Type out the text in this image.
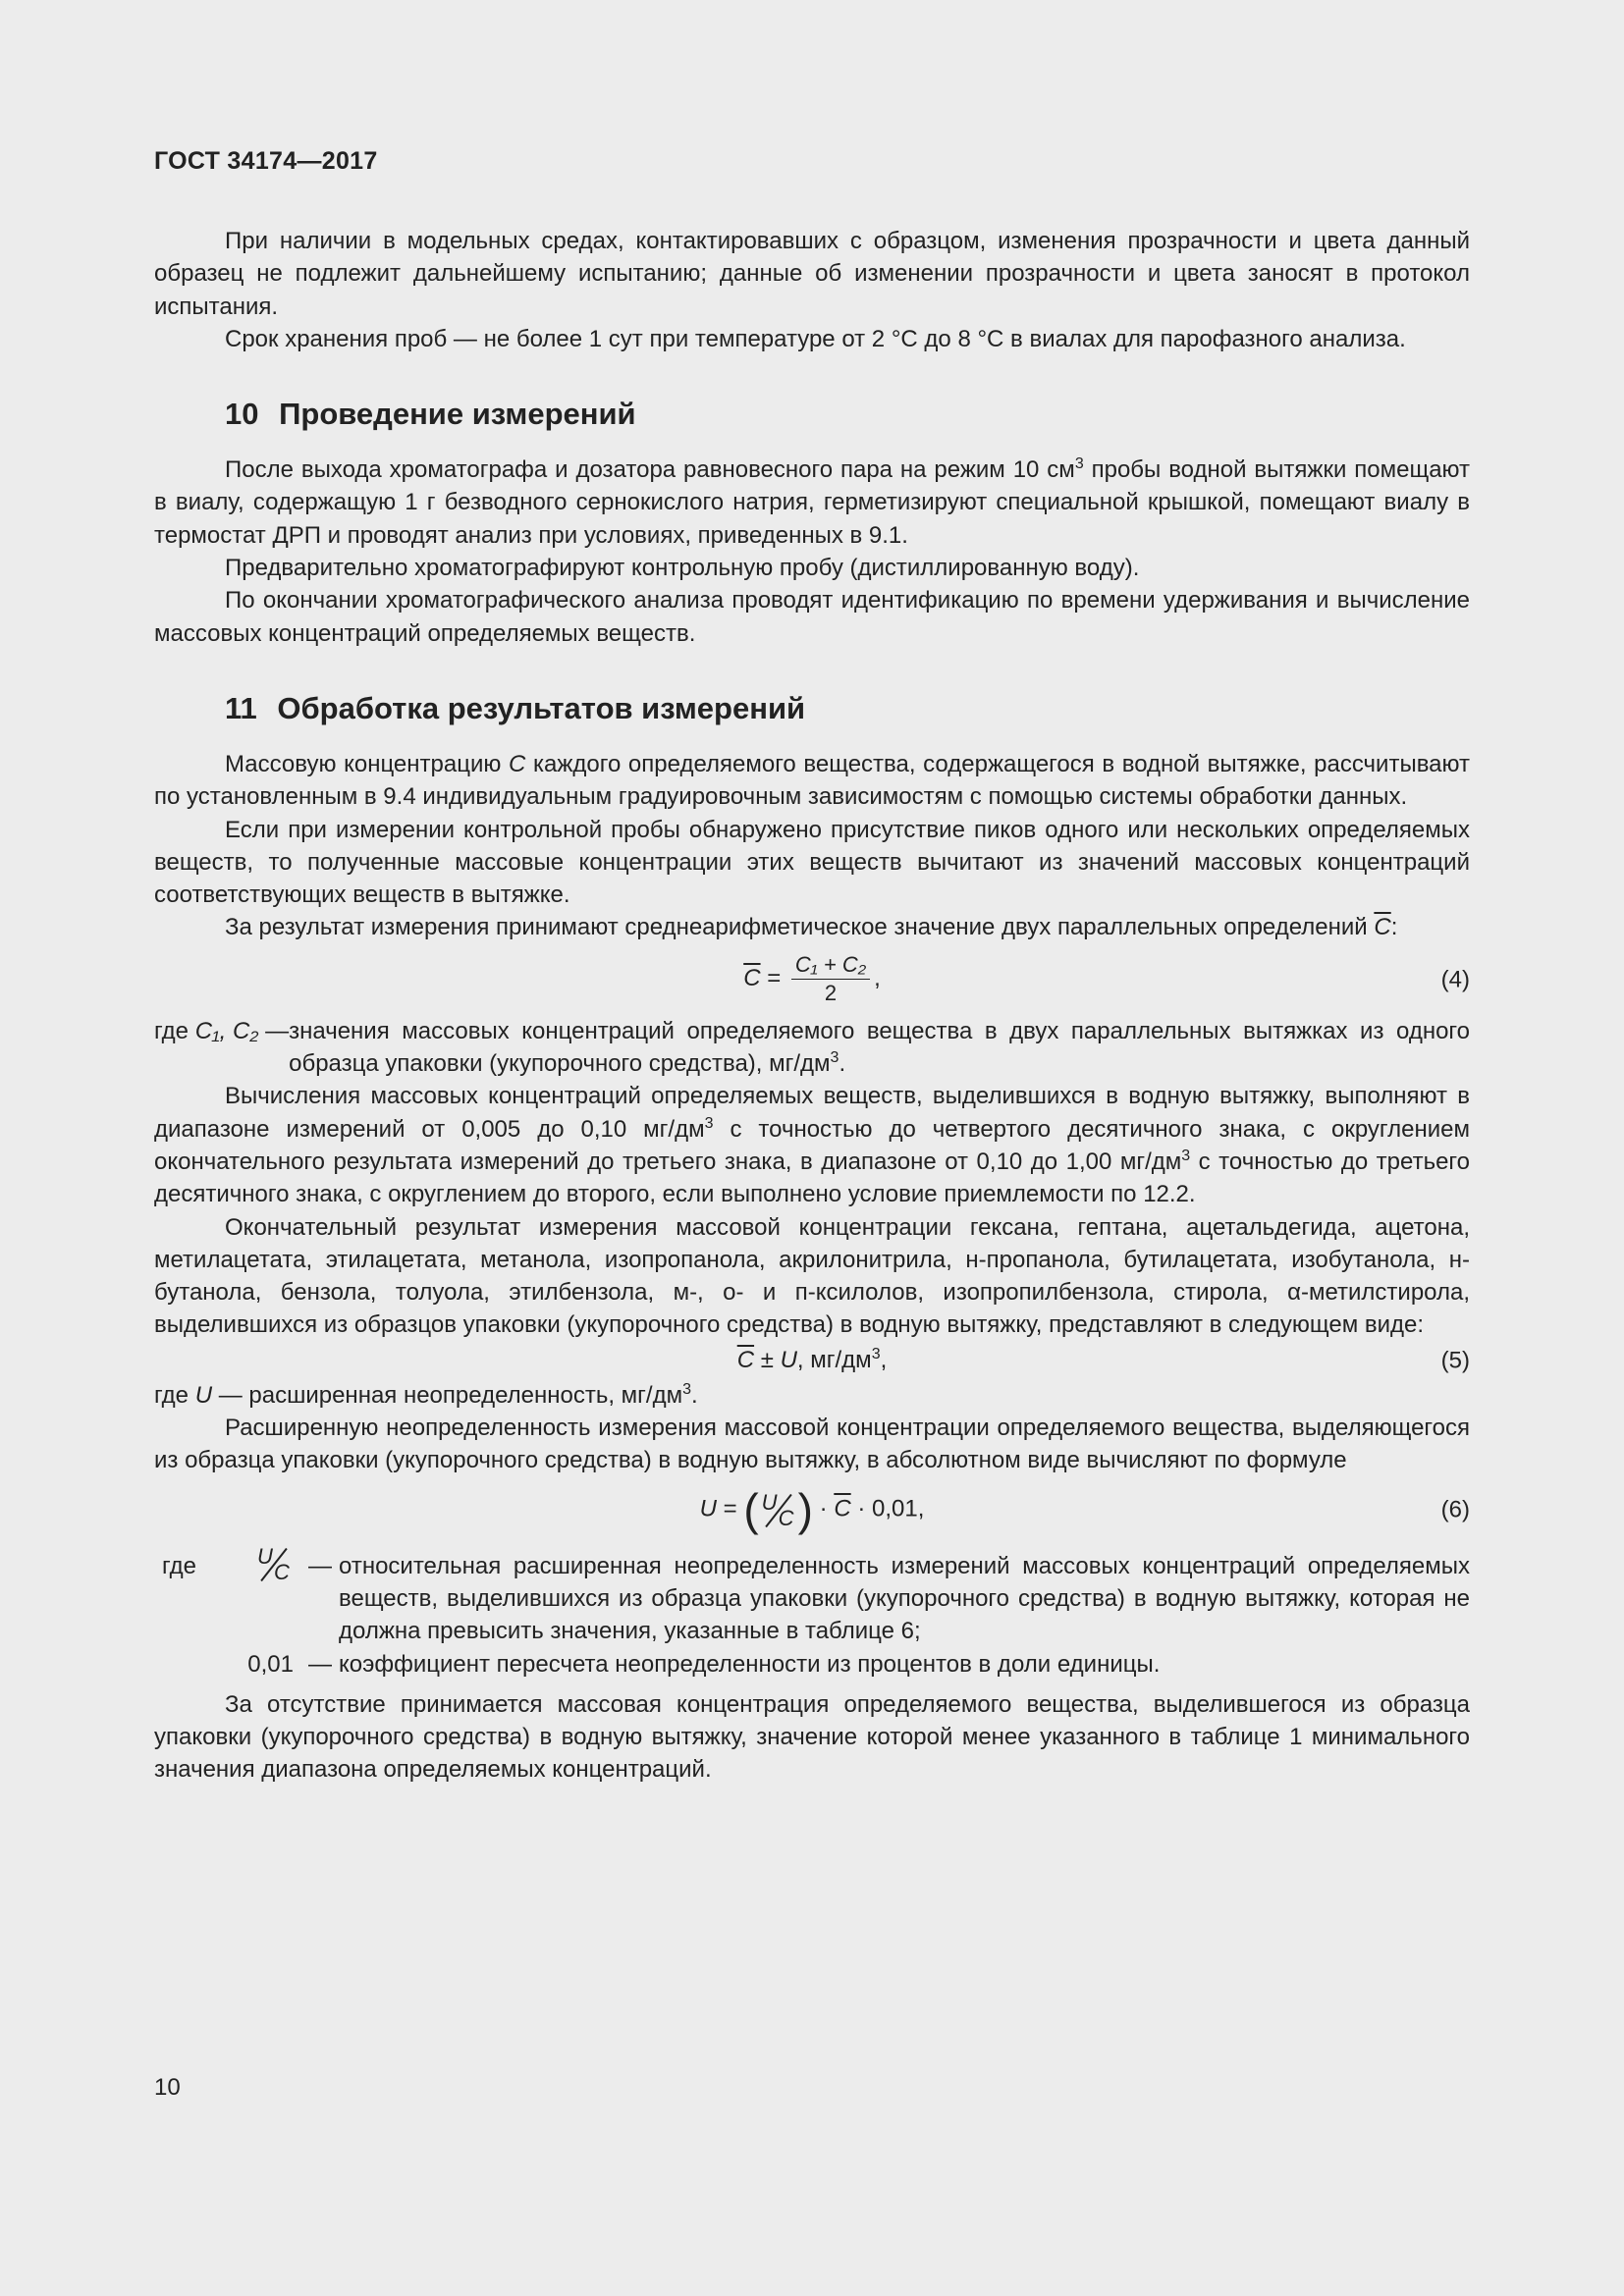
ГОСТ 34174—2017

При наличии в модельных средах, контактировавших с образцом, изменения прозрачности и цвета данный образец не подлежит дальнейшему испытанию; данные об изменении прозрачности и цвета заносят в протокол испытания.

Срок хранения проб — не более 1 сут при температуре от 2 °C до 8 °C в виалах для парофазного анализа.

10 Проведение измерений

После выхода хроматографа и дозатора равновесного пара на режим 10 $см^3$ пробы водной вытяжки помещают в виалу, содержащую 1 г безводного сернокислого натрия, герметизируют специальной крышкой, помещают виалу в термостат ДРП и проводят анализ при условиях, приведенных в 9.1.

Предварительно хроматографируют контрольную пробу (дистиллированную воду).

По окончании хроматографического анализа проводят идентификацию по времени удерживания и вычисление массовых концентраций определяемых веществ.

11 Обработка результатов измерений

Массовую концентрацию C каждого определяемого вещества, содержащегося в водной вытяжке, рассчитывают по установленным в 9.4 индивидуальным градуировочным зависимостям с помощью системы обработки данных.

Если при измерении контрольной пробы обнаружено присутствие пиков одного или нескольких определяемых веществ, то полученные массовые концентрации этих веществ вычитают из значений массовых концентраций соответствующих веществ в вытяжке.

За результат измерения принимают среднеарифметическое значение двух параллельных определений $\overline{C}$:

$\overline{C} = \frac{\text{C₁ + C₂}}{2}$ ,	(4)
где C₁, C₂ — значения массовых концентраций определяемого вещества в двух параллельных вытяжках из одного образца упаковки (укупорочного средства), $мг/дм^3$.

Вычисления массовых концентраций определяемых веществ, выделившихся в водную вытяжку, выполняют в диапазоне измерений от 0,005 до 0,10 $мг/дм^3$ с точностью до четвертого десятичного знака, с округлением окончательного результата измерений до третьего знака, в диапазоне от 0,10 до 1,00 $мг/дм^3$ с точностью до третьего десятичного знака, с округлением до второго, если выполнено условие приемлемости по 12.2.

Окончательный результат измерения массовой концентрации гексана, гептана, ацетальдегида, ацетона, метилацетата, этилацетата, метанола, изопропанола, акрилонитрила, н-пропанола, бутилацетата, изобутанола, н-бутанола, бензола, толуола, этилбензола, м-, о- и п-ксилолов, изопропилбензола, стирола, α-метилстирола, выделившихся из образцов упаковки (укупорочного средства) в водную вытяжку, представляют в следующем виде:

$\overline{C} \pm U$, $мг/дм^3$,	(5)

где U — расширенная неопределенность, $мг/дм^3$.

Расширенную неопределенность измерения массовой концентрации определяемого вещества, выделяющегося из образца упаковки (укупорочного средства) в водную вытяжку, в абсолютном виде вычисляют по формуле

U = ( U
C ) · $\overline{C} \cdot 0,01$,	(6)
где	U
C — относительная расширенная неопределенность измерений массовых концентраций определяемых веществ, выделившихся из образца упаковки (укупорочного средства) в водную вытяжку, которая не должна превысить значения, указанные в таблице 6;
0,01 — коэффициент пересчета неопределенности из процентов в доли единицы.

За отсутствие принимается массовая концентрация определяемого вещества, выделившегося из образца упаковки (укупорочного средства) в водную вытяжку, значение которой менее указанного в таблице 1 минимального значения диапазона определяемых концентраций.

10
